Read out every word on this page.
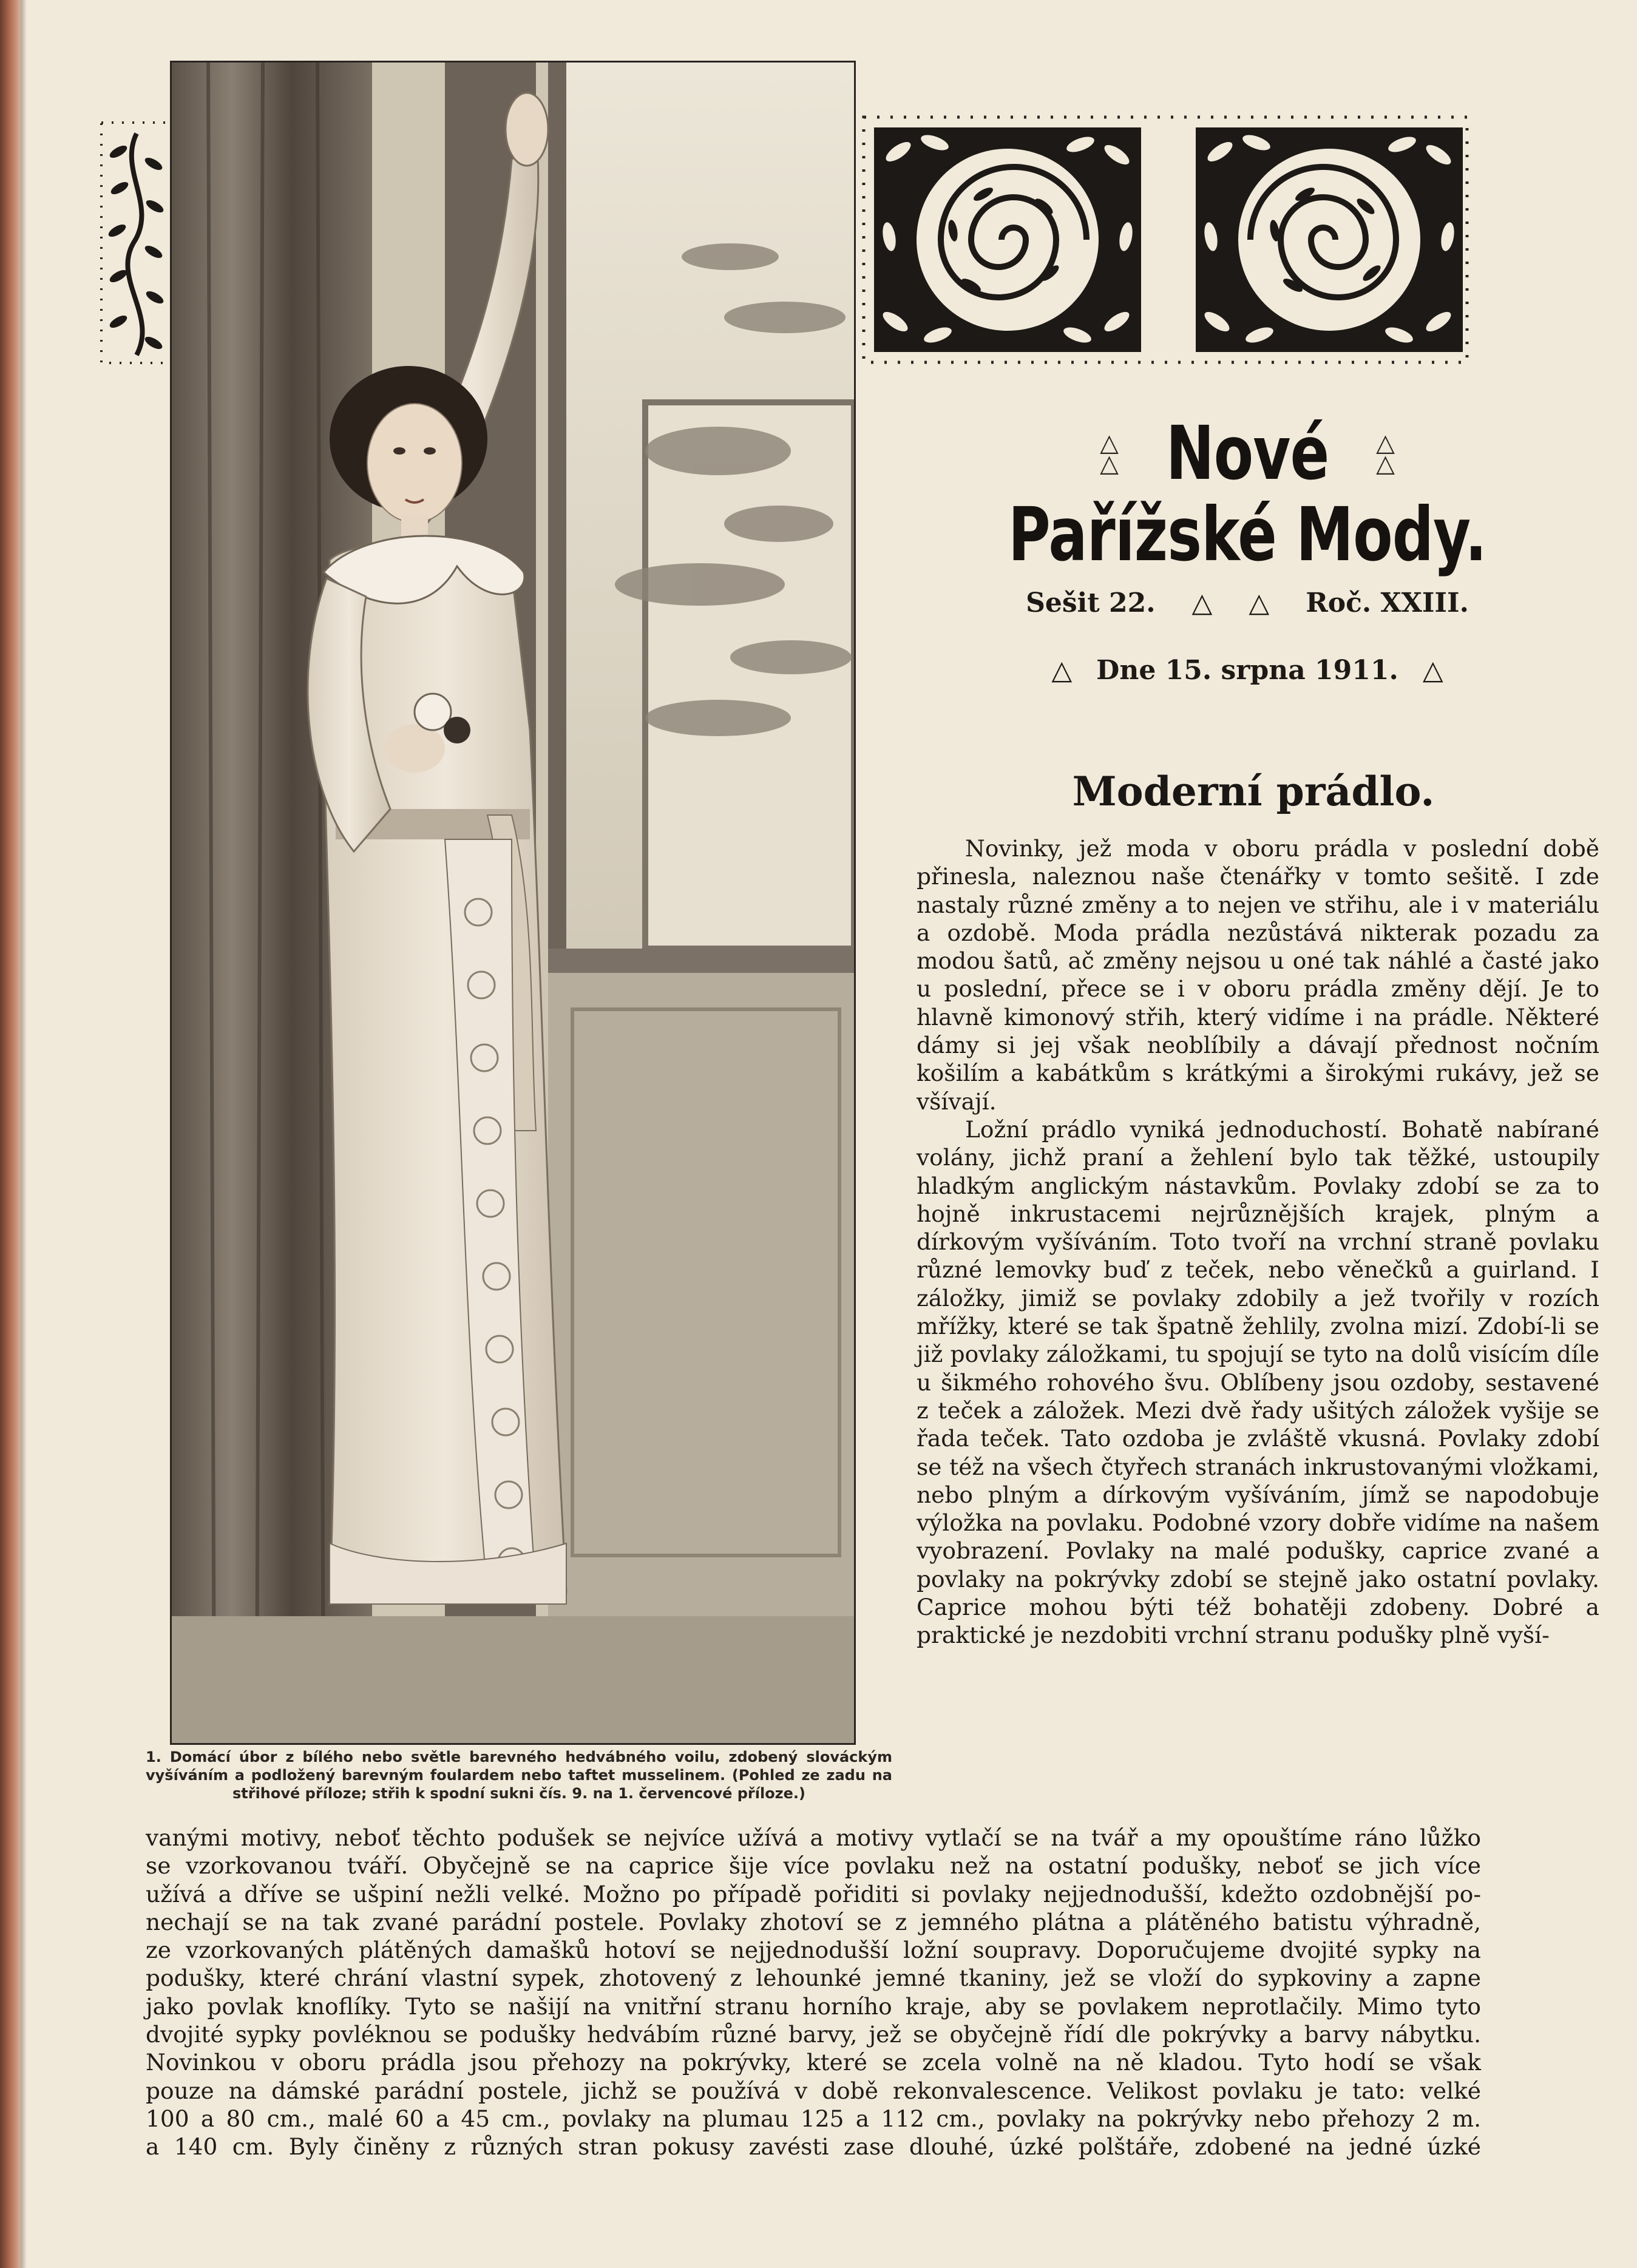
1. Domácí úbor z bílého nebo světle barevného hedvábného voilu, zdobený slováckým vyšíváním a podložený barevným foulardem nebo taftet musselinem. (Pohled ze zadu na střihové příloze; střih k spodní sukni čís. 9. na 1. červencové příloze.)
△
△ Nové △
△
Pařížské Mody.
Sešit 22. △ △ Roč. XXIII.
△ Dne 15. srpna 1911. △
Moderní prádlo.

Novinky, jež moda v oboru prádla v poslední době přinesla, naleznou naše čtenářky v tomto sešitě. I zde nastaly různé změny a to nejen ve střihu, ale i v materiálu a ozdobě. Moda prádla nezůstává nikterak pozadu za modou šatů, ač změny nejsou u oné tak náhlé a časté jako u poslední, přece se i v oboru prádla změny dějí. Je to hlavně kimonový střih, který vidíme i na prádle. Některé dámy si jej však neoblíbily a dávají přednost nočním košilím a kabátkům s krátkými a širokými rukávy, jež se všívají.

Ložní prádlo vyniká jednoduchostí. Bohatě nabírané volány, jichž praní a žehlení bylo tak těžké, ustoupily hladkým anglickým nástavkům. Povlaky zdobí se za to hojně inkrustacemi nejrůznějších krajek, plným a dírkovým vyšíváním. Toto tvoří na vrchní straně povlaku různé lemovky buď z teček, nebo věnečků a guirland. I záložky, jimiž se povlaky zdobily a jež tvořily v rozích mřížky, které se tak špatně žehlily, zvolna mizí. Zdobí-li se již povlaky záložkami, tu spojují se tyto na dolů visícím díle u šikmého rohového švu. Oblíbeny jsou ozdoby, sestavené z teček a záložek. Mezi dvě řady ušitých záložek vyšije se řada teček. Tato ozdoba je zvláště vkusná. Povlaky zdobí se též na všech čtyřech stranách inkrustovanými vložkami, nebo plným a dírkovým vyšíváním, jímž se napodobuje výložka na povlaku. Podobné vzory dobře vidíme na našem vyobrazení. Povlaky na malé podušky, caprice zvané a povlaky na pokrývky zdobí se stejně jako ostatní povlaky. Caprice mohou býti též bohatěji zdobeny. Dobré a praktické je nezdobiti vrchní stranu podušky plně vyší-

vanými motivy, neboť těchto podušek se nejvíce užívá a motivy vytlačí se na tvář a my opouštíme ráno lůžko

se vzorkovanou tváří. Obyčejně se na caprice šije více povlaku než na ostatní podušky, neboť se jich více

užívá a dříve se ušpiní nežli velké. Možno po případě pořiditi si povlaky nejjednodušší, kdežto ozdobnější po-

nechají se na tak zvané parádní postele. Povlaky zhotoví se z jemného plátna a plátěného batistu výhradně,

ze vzorkovaných plátěných damašků hotoví se nejjednodušší ložní soupravy. Doporučujeme dvojité sypky na

podušky, které chrání vlastní sypek, zhotovený z lehounké jemné tkaniny, jež se vloží do sypkoviny a zapne

jako povlak knoflíky. Tyto se našijí na vnitřní stranu horního kraje, aby se povlakem neprotlačily. Mimo tyto

dvojité sypky povléknou se podušky hedvábím různé barvy, jež se obyčejně řídí dle pokrývky a barvy nábytku.

Novinkou v oboru prádla jsou přehozy na pokrývky, které se zcela volně na ně kladou. Tyto hodí se však

pouze na dámské parádní postele, jichž se používá v době rekonvalescence. Velikost povlaku je tato: velké

100 a 80 cm., malé 60 a 45 cm., povlaky na plumau 125 a 112 cm., povlaky na pokrývky nebo přehozy 2 m.

a 140 cm. Byly činěny z různých stran pokusy zavésti zase dlouhé, úzké polštáře, zdobené na jedné úzké
